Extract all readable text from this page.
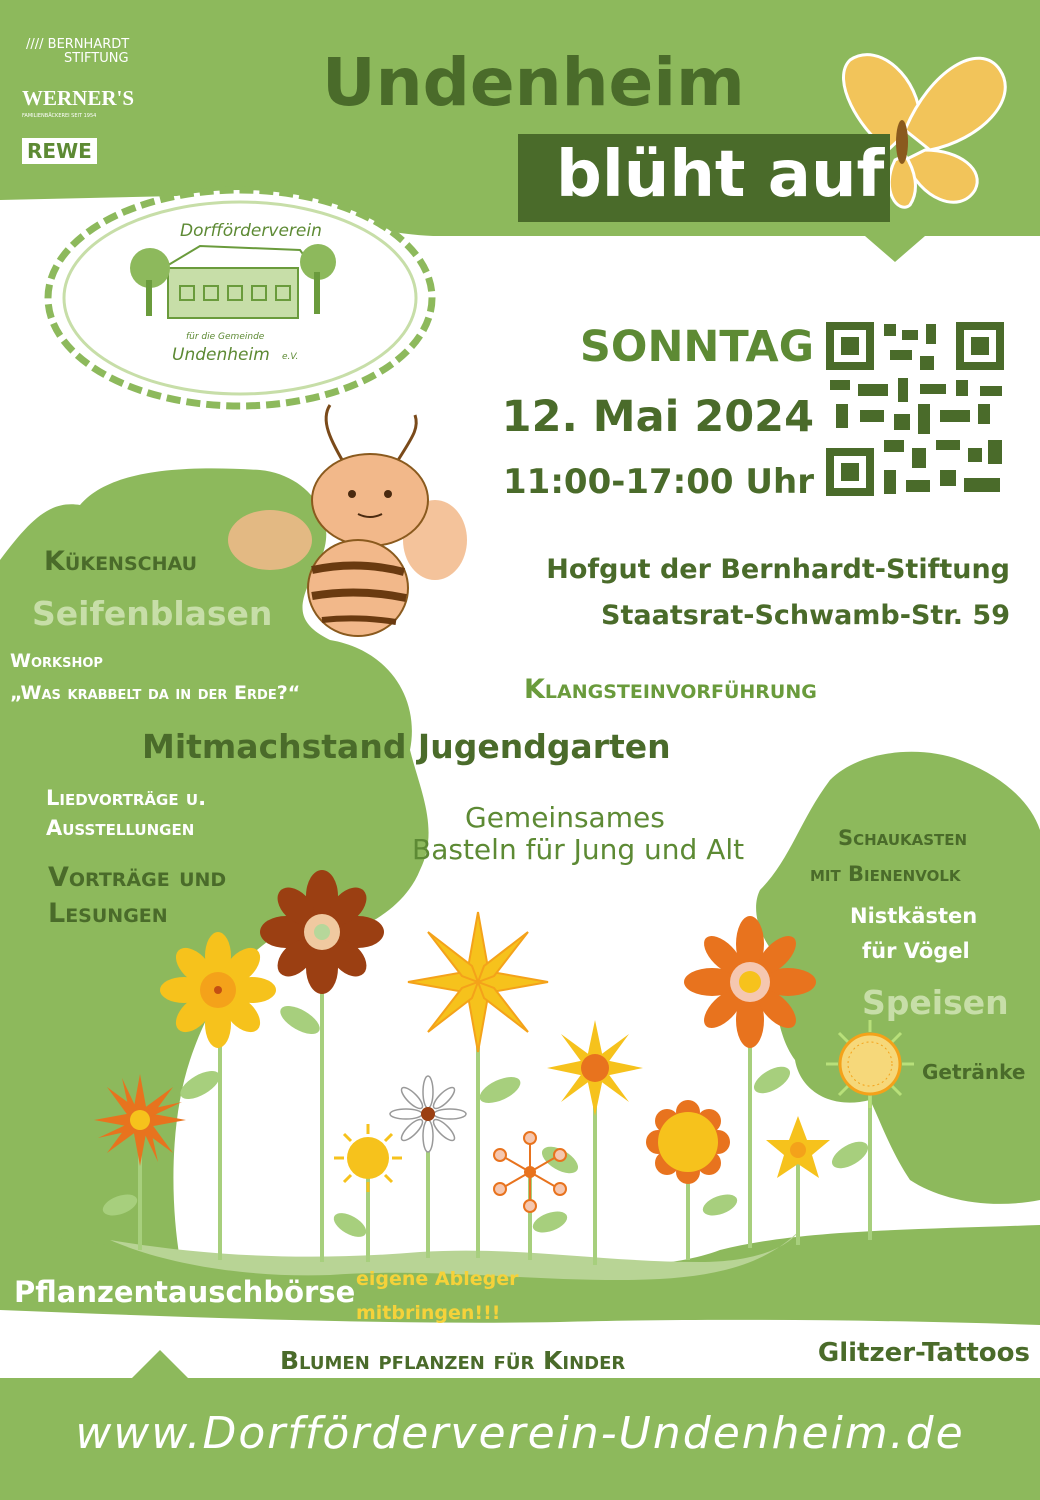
//// BERNHARDT
STIFTUNG
WERNER'S
FAMILIENBÄCKEREI SEIT 1954
REWE
Undenheim
blüht auf
Dorfförderverein
für die Gemeinde
Undenheim e.V.	SONNTAG
12. Mai 2024
11:00-17:00 Uhr
Hofgut der Bernhardt-Stiftung
Staatsrat-Schwamb-Str. 59
Kükenschau
Seifenblasen
Workshop
„Was krabbelt da in der Erde?“	Klangsteinvorführung
Mitmachstand Jugendgarten
Liedvorträge u.
Ausstellungen	Gemeinsames
Basteln für Jung und Alt
Vorträge und
Lesungen
Schaukasten
mit Bienenvolk
Nistkästen
für Vögel
Speisen
Getränke
Pflanzentauschbörse eigene Ableger
mitbringen!!!
Blumen pflanzen für Kinder	Glitzer-Tattoos
www.Dorfförderverein-Undenheim.de
